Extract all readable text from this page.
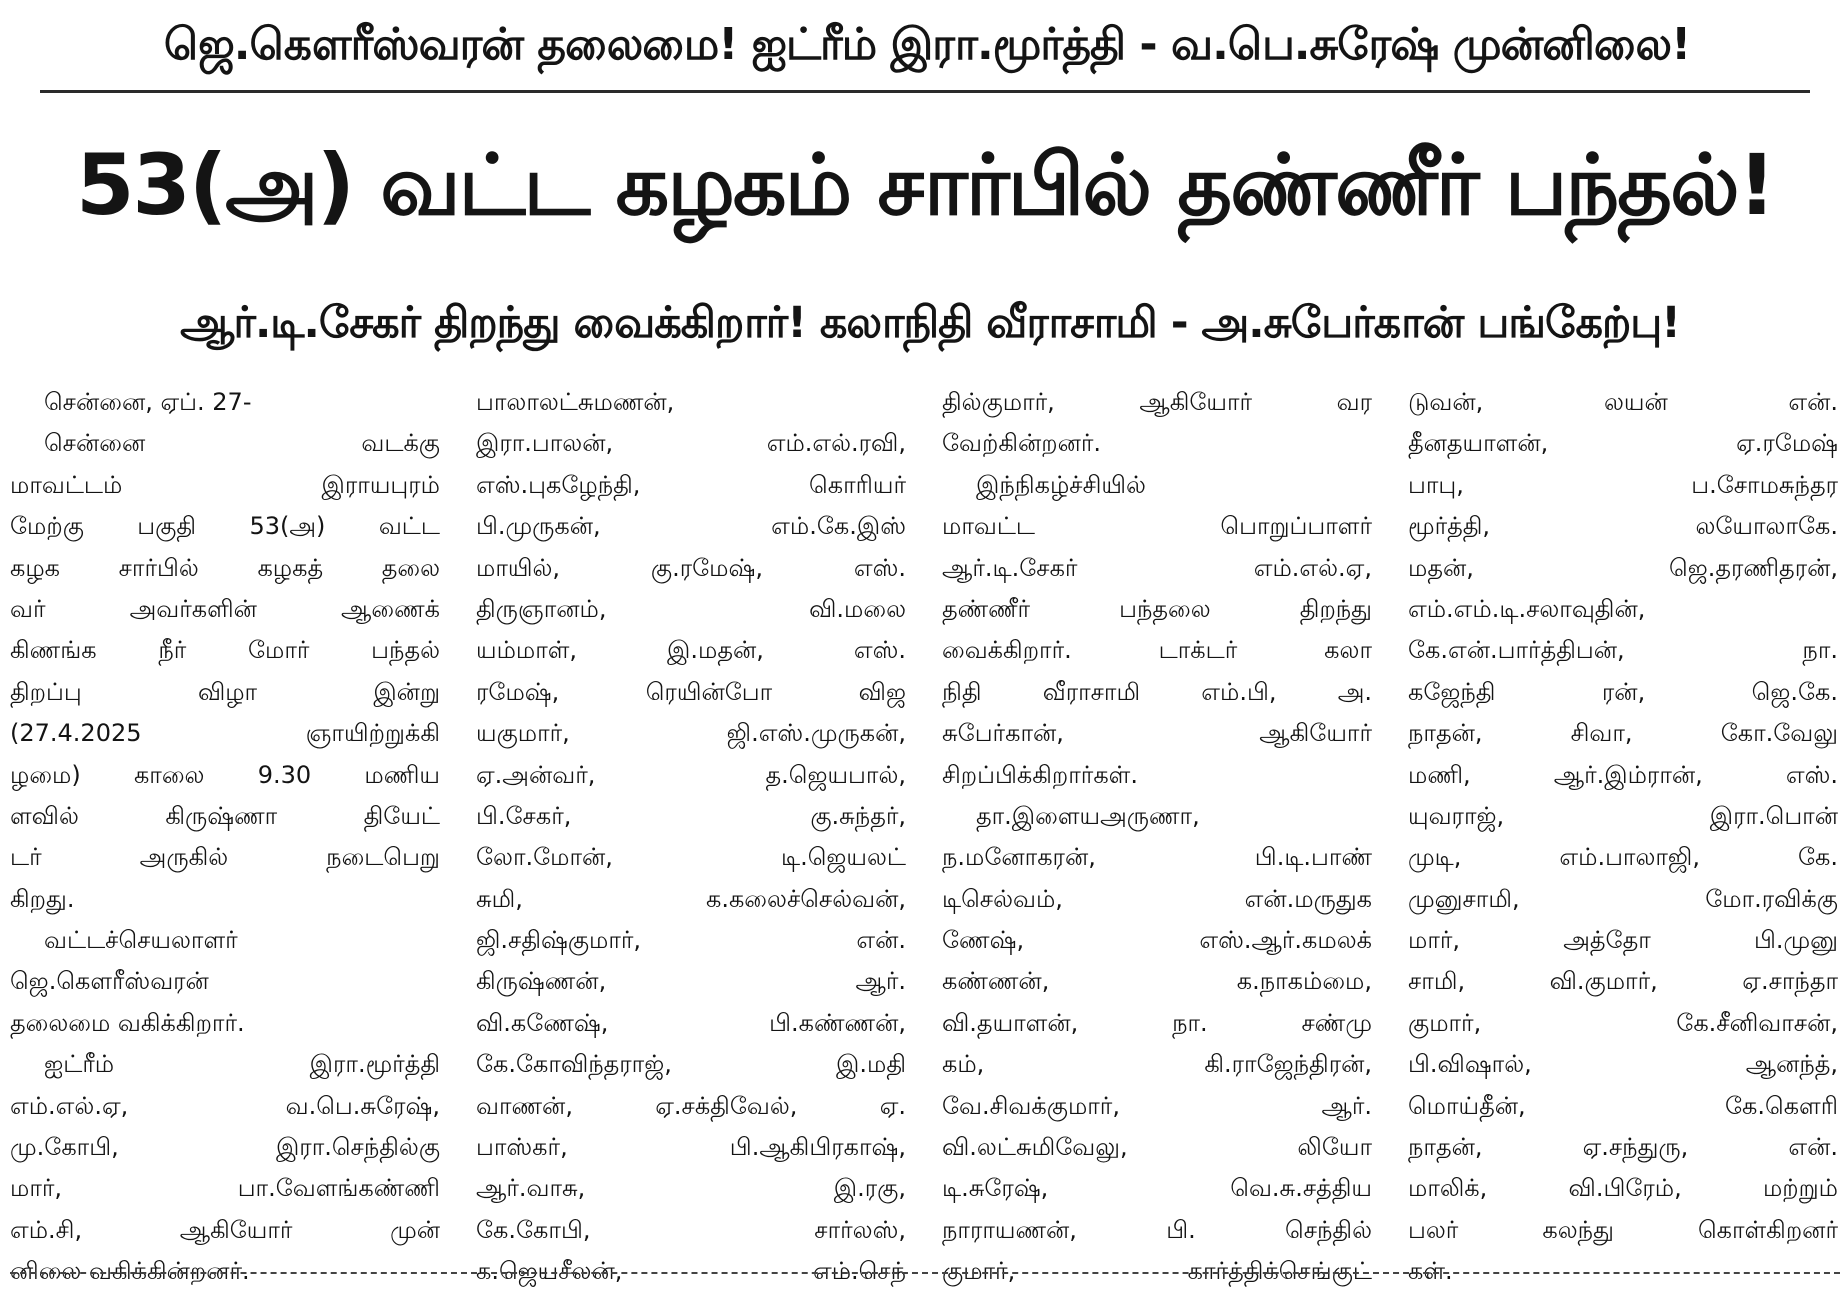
ஜெ.கௌரீஸ்வரன் தலைமை! ஐட்ரீம் இரா.மூர்த்தி - வ.பெ.சுரேஷ் முன்னிலை!
53(அ) வட்ட கழகம் சார்பில் தண்ணீர் பந்தல்!
ஆர்.டி.சேகர் திறந்து வைக்கிறார்! கலாநிதி வீராசாமி - அ.சுபேர்கான் பங்கேற்பு!
சென்னை, ஏப். 27-
சென்னை வடக்கு
மாவட்டம் இராயபுரம்
மேற்கு பகுதி 53(அ) வட்ட
கழக சார்பில் கழகத் தலை
வர் அவர்களின் ஆணைக்
கிணங்க நீர் மோர் பந்தல்
திறப்பு விழா இன்று
(27.4.2025 ஞாயிற்றுக்கி
ழமை) காலை 9.30 மணிய
ளவில் கிருஷ்ணா தியேட்
டர் அருகில் நடைபெறு
கிறது.
வட்டச்செயலாளர்
ஜெ.கௌரீஸ்வரன்
தலைமை வகிக்கிறார்.
ஐட்ரீம் இரா.மூர்த்தி
எம்.எல்.ஏ, வ.பெ.சுரேஷ்,
மு.கோபி, இரா.செந்தில்கு
மார், பா.வேளங்கண்ணி
எம்.சி, ஆகியோர் முன்
னிலை வகிக்கின்றனர்.
பாலாலட்சுமணன்,
இரா.பாலன், எம்.எல்.ரவி,
எஸ்.புகழேந்தி, கொரியர்
பி.முருகன், எம்.கே.இஸ்
மாயில், கு.ரமேஷ், எஸ்.
திருஞானம், வி.மலை
யம்மாள், இ.மதன், எஸ்.
ரமேஷ், ரெயின்போ விஜ
யகுமார், ஜி.எஸ்.முருகன்,
ஏ.அன்வர், த.ஜெயபால்,
பி.சேகர், கு.சுந்தர்,
லோ.மோன், டி.ஜெயலட்
சுமி, க.கலைச்செல்வன்,
ஜி.சதிஷ்குமார், என்.
கிருஷ்ணன், ஆர்.
வி.கணேஷ், பி.கண்ணன்,
கே.கோவிந்தராஜ், இ.மதி
வாணன், ஏ.சக்திவேல், ஏ.
பாஸ்கர், பி.ஆகிபிரகாஷ்,
ஆர்.வாசு, இ.ரகு,
கே.கோபி, சார்லஸ்,
க.ஜெயசீலன், எம்.செந்
தில்குமார், ஆகியோர் வர
வேற்கின்றனர்.
இந்நிகழ்ச்சியில்
மாவட்ட பொறுப்பாளர்
ஆர்.டி.சேகர் எம்.எல்.ஏ,
தண்ணீர் பந்தலை திறந்து
வைக்கிறார். டாக்டர் கலா
நிதி வீராசாமி எம்.பி, அ.
சுபேர்கான், ஆகியோர்
சிறப்பிக்கிறார்கள்.
தா.இளையஅருணா,
ந.மனோகரன், பி.டி.பாண்
டிசெல்வம், என்.மருதுக
ணேஷ், எஸ்.ஆர்.கமலக்
கண்ணன், க.நாகம்மை,
வி.தயாளன், நா. சண்மு
கம், கி.ராஜேந்திரன்,
வே.சிவக்குமார், ஆர்.
வி.லட்சுமிவேலு, லியோ
டி.சுரேஷ், வெ.சு.சத்திய
நாராயணன், பி. செந்தில்
குமார், கார்த்திக்செங்குட்
டுவன், லயன் என்.
தீனதயாளன், ஏ.ரமேஷ்
பாபு, ப.சோமசுந்தர
மூர்த்தி, லயோலாகே.
மதன், ஜெ.தரணிதரன்,
எம்.எம்.டி.சலாவுதின்,
கே.என்.பார்த்திபன், நா.
கஜேந்தி ரன், ஜெ.கே.
நாதன், சிவா, கோ.வேலு
மணி, ஆர்.இம்ரான், எஸ்.
யுவராஜ், இரா.பொன்
முடி, எம்.பாலாஜி, கே.
முனுசாமி, மோ.ரவிக்கு
மார், அத்தோ பி.முனு
சாமி, வி.குமார், ஏ.சாந்தா
குமார், கே.சீனிவாசன்,
பி.விஷால், ஆனந்த்,
மொய்தீன், கே.கௌரி
நாதன், ஏ.சந்துரு, என்.
மாலிக், வி.பிரேம், மற்றும்
பலர் கலந்து கொள்கிறனர்
கள்.
